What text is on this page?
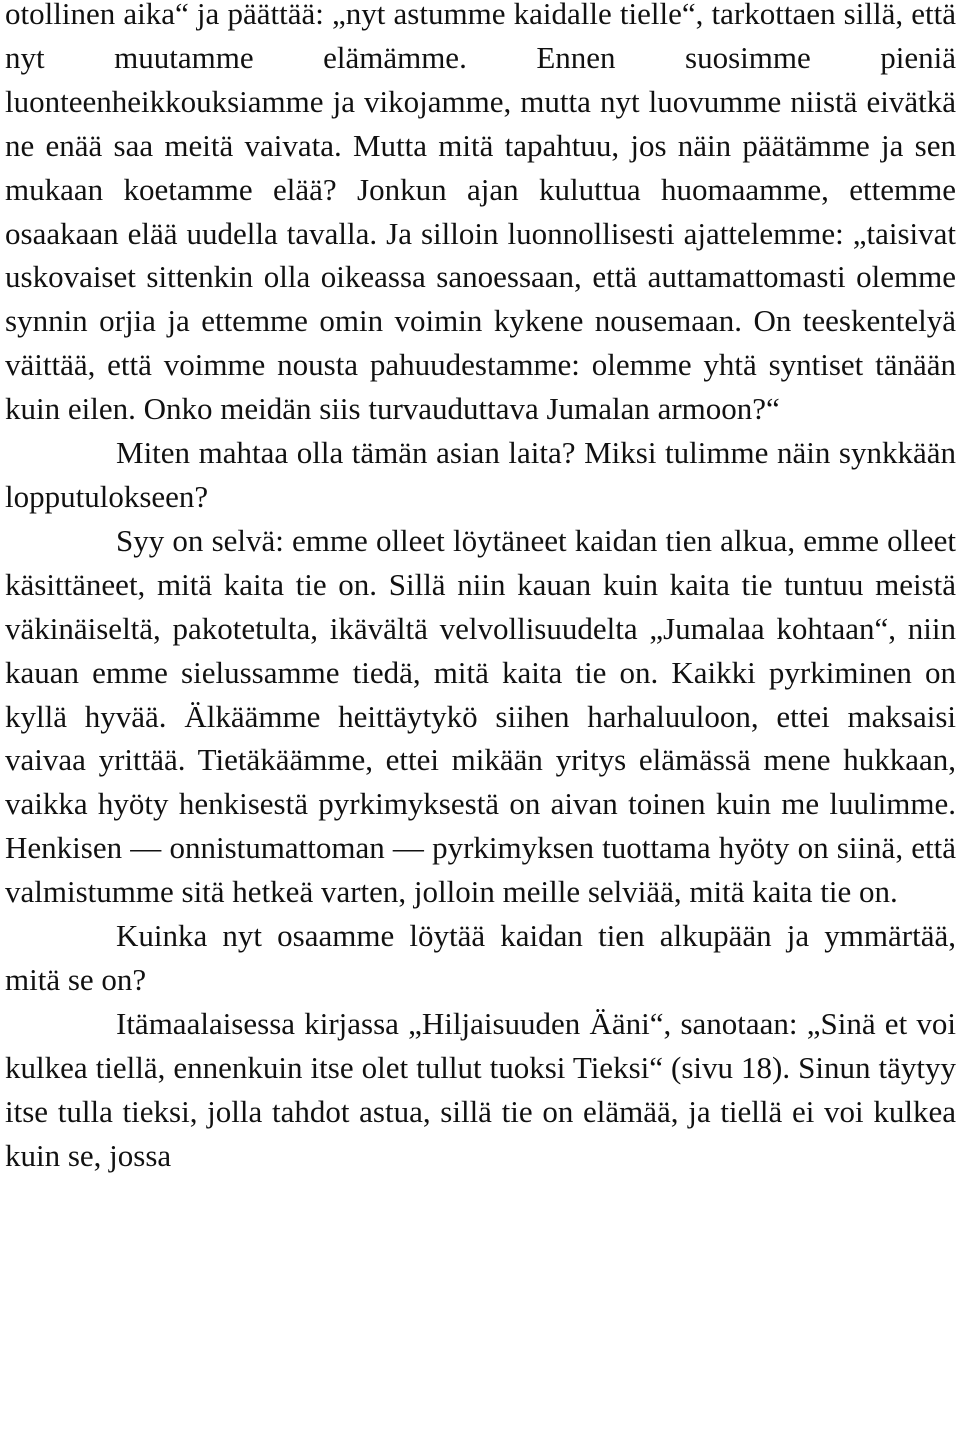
otollinen aika“ ja päättää: „nyt astumme kaidalle tielle“, tarkottaen sillä, että nyt muutamme elämämme. Ennen suosimme pieniä luonteenheikkouksiamme ja vikojamme, mutta nyt luovumme niistä eivätkä ne enää saa meitä vaivata. Mutta mitä tapahtuu, jos näin päätämme ja sen mukaan koetamme elää? Jonkun ajan kuluttua huomaamme, ettemme osaakaan elää uudella tavalla. Ja silloin luonnollisesti ajattelemme: „taisivat uskovaiset sittenkin olla oikeassa sanoessaan, että auttamattomasti olemme synnin orjia ja ettemme omin voimin kykene nousemaan. On teeskentelyä väittää, että voimme nousta pahuudestamme: olemme yhtä syntiset tänään kuin eilen. Onko meidän siis turvauduttava Jumalan armoon?“

Miten mahtaa olla tämän asian laita? Miksi tulimme näin synkkään lopputulokseen?

Syy on selvä: emme olleet löytäneet kaidan tien alkua, emme olleet käsittäneet, mitä kaita tie on. Sillä niin kauan kuin kaita tie tuntuu meistä väkinäiseltä, pakotetulta, ikävältä velvollisuudelta „Jumalaa kohtaan“, niin kauan emme sielussamme tiedä, mitä kaita tie on. Kaikki pyrkiminen on kyllä hyvää. Älkäämme heittäytykö siihen harhaluuloon, ettei maksaisi vaivaa yrittää. Tietäkäämme, ettei mikään yritys elämässä mene hukkaan, vaikka hyöty henkisestä pyrkimyksestä on aivan toinen kuin me luulimme. Henkisen — onnistumattoman — pyrkimyksen tuottama hyöty on siinä, että valmistumme sitä hetkeä varten, jolloin meille selviää, mitä kaita tie on.

Kuinka nyt osaamme löytää kaidan tien alkupään ja ymmärtää, mitä se on?

Itämaalaisessa kirjassa „Hiljaisuuden Ääni“, sanotaan: „Sinä et voi kulkea tiellä, ennenkuin itse olet tullut tuoksi Tieksi“ (sivu 18). Sinun täytyy itse tulla tieksi, jolla tahdot astua, sillä tie on elämää, ja tiellä ei voi kulkea kuin se, jossa
